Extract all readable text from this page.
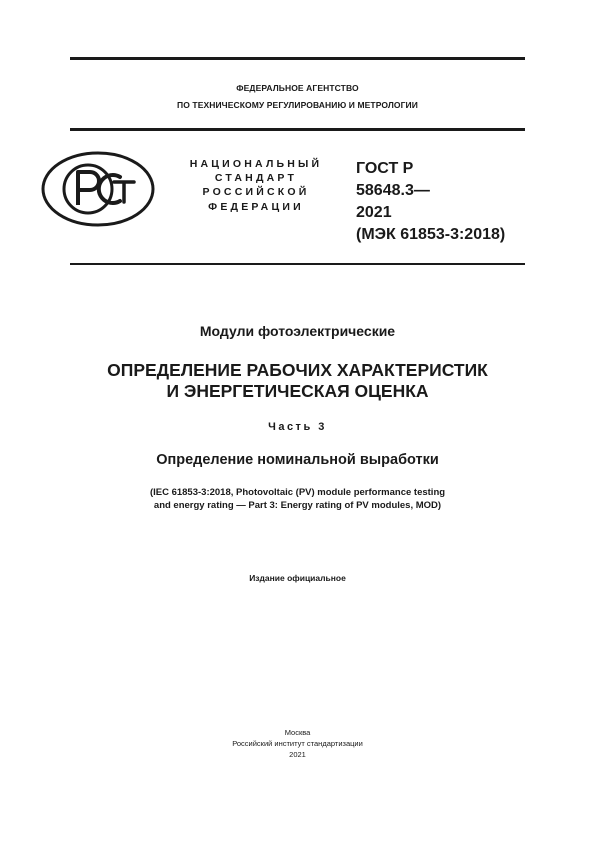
ФЕДЕРАЛЬНОЕ АГЕНТСТВО
ПО ТЕХНИЧЕСКОМУ РЕГУЛИРОВАНИЮ И МЕТРОЛОГИИ
НАЦИОНАЛЬНЫЙ
СТАНДАРТ
РОССИЙСКОЙ
ФЕДЕРАЦИИ
ГОСТ Р
58648.3—
2021
(МЭК 61853-3:2018)
Модули фотоэлектрические
ОПРЕДЕЛЕНИЕ РАБОЧИХ ХАРАКТЕРИСТИК
И ЭНЕРГЕТИЧЕСКАЯ ОЦЕНКА
Часть 3
Определение номинальной выработки
(IEC 61853-3:2018, Photovoltaic (PV) module performance testing
and energy rating — Part 3: Energy rating of PV modules, MOD)
Издание официальное
Москва
Российский институт стандартизации
2021
